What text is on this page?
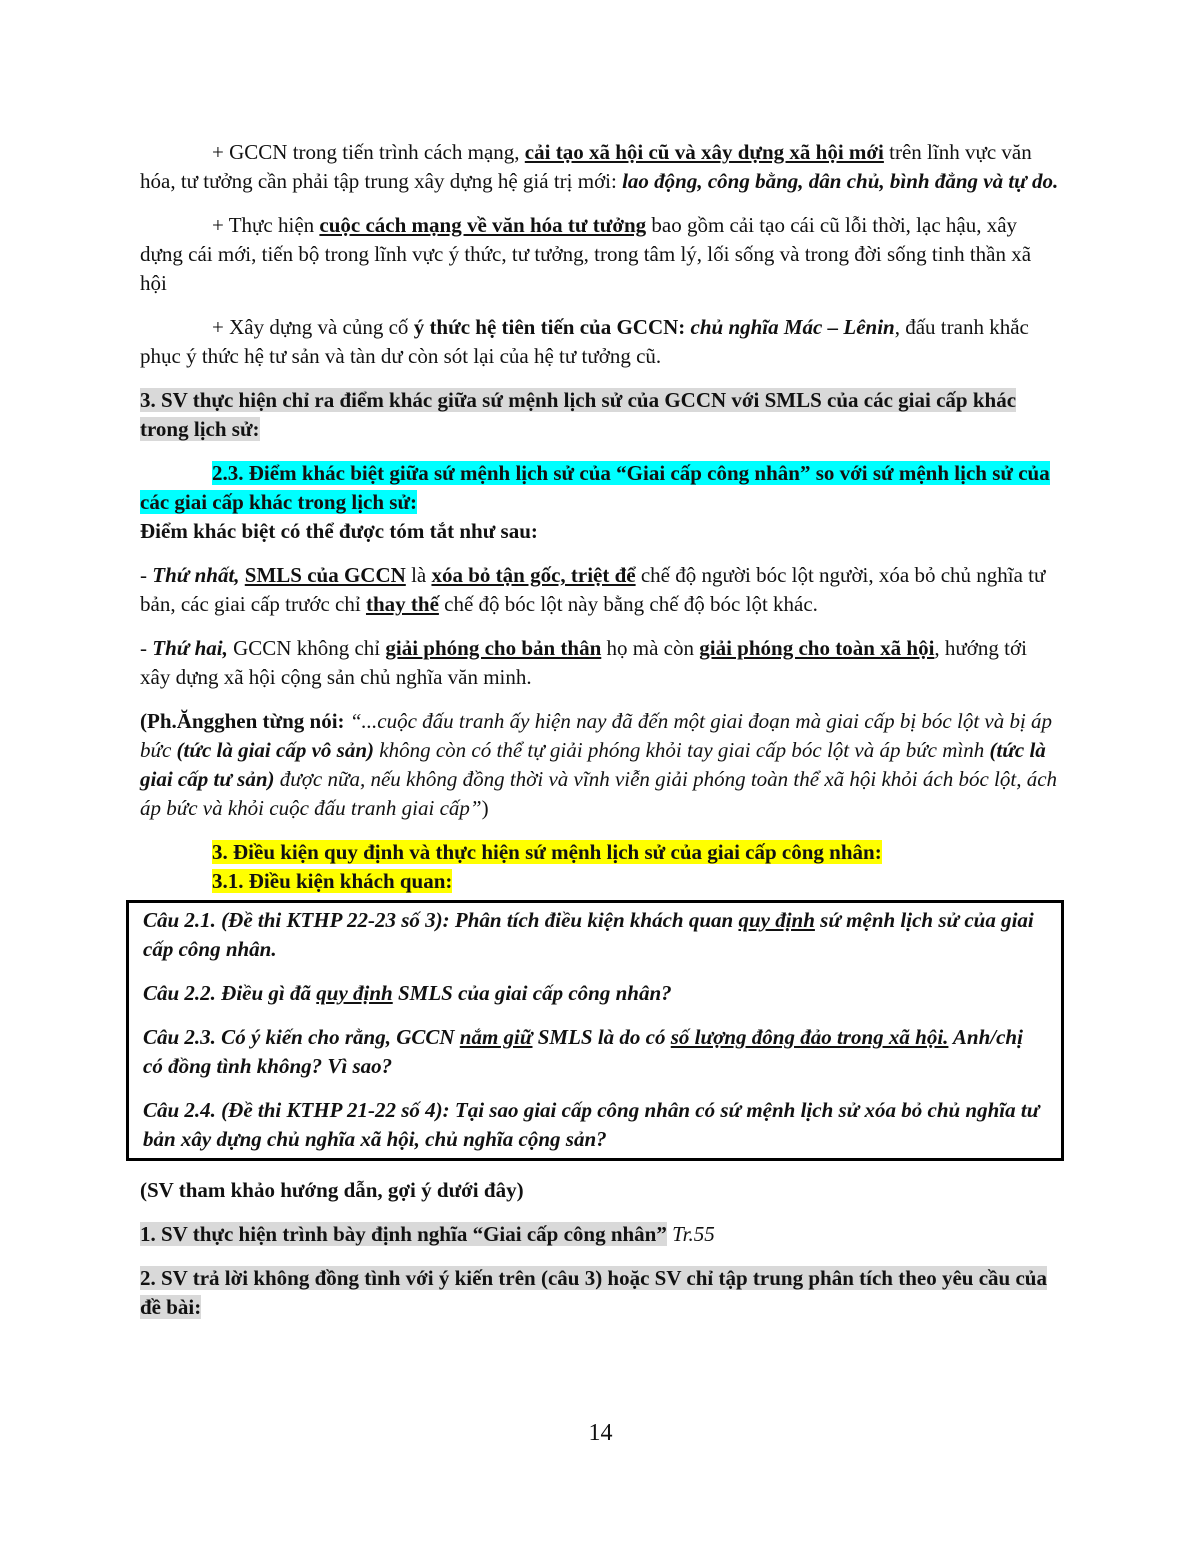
+ GCCN trong tiến trình cách mạng, cải tạo xã hội cũ và xây dựng xã hội mới trên lĩnh vực văn hóa, tư tưởng cần phải tập trung xây dựng hệ giá trị mới: lao động, công bằng, dân chủ, bình đẳng và tự do.

+ Thực hiện cuộc cách mạng về văn hóa tư tưởng bao gồm cải tạo cái cũ lỗi thời, lạc hậu, xây dựng cái mới, tiến bộ trong lĩnh vực ý thức, tư tưởng, trong tâm lý, lối sống và trong đời sống tinh thần xã hội

+ Xây dựng và củng cố ý thức hệ tiên tiến của GCCN: chủ nghĩa Mác – Lênin, đấu tranh khắc phục ý thức hệ tư sản và tàn dư còn sót lại của hệ tư tưởng cũ.

3. SV thực hiện chỉ ra điểm khác giữa sứ mệnh lịch sử của GCCN với SMLS của các giai cấp khác trong lịch sử:

2.3. Điểm khác biệt giữa sứ mệnh lịch sử của “Giai cấp công nhân” so với sứ mệnh lịch sử của các giai cấp khác trong lịch sử:

Điểm khác biệt có thể được tóm tắt như sau:

- Thứ nhất, SMLS của GCCN là xóa bỏ tận gốc, triệt để chế độ người bóc lột người, xóa bỏ chủ nghĩa tư bản, các giai cấp trước chỉ thay thế chế độ bóc lột này bằng chế độ bóc lột khác.

- Thứ hai, GCCN không chỉ giải phóng cho bản thân họ mà còn giải phóng cho toàn xã hội, hướng tới xây dựng xã hội cộng sản chủ nghĩa văn minh.

(Ph.Ăngghen từng nói: “...cuộc đấu tranh ấy hiện nay đã đến một giai đoạn mà giai cấp bị bóc lột và bị áp bức (tức là giai cấp vô sản) không còn có thể tự giải phóng khỏi tay giai cấp bóc lột và áp bức mình (tức là giai cấp tư sản) được nữa, nếu không đồng thời và vĩnh viễn giải phóng toàn thể xã hội khỏi ách bóc lột, ách áp bức và khỏi cuộc đấu tranh giai cấp”)

3. Điều kiện quy định và thực hiện sứ mệnh lịch sử của giai cấp công nhân:

3.1. Điều kiện khách quan:

Câu 2.1. (Đề thi KTHP 22-23 số 3): Phân tích điều kiện khách quan quy định sứ mệnh lịch sử của giai cấp công nhân.

Câu 2.2. Điều gì đã quy định SMLS của giai cấp công nhân?

Câu 2.3. Có ý kiến cho rằng, GCCN nắm giữ SMLS là do có số lượng đông đảo trong xã hội. Anh/chị có đồng tình không? Vì sao?

Câu 2.4. (Đề thi KTHP 21-22 số 4): Tại sao giai cấp công nhân có sứ mệnh lịch sử xóa bỏ chủ nghĩa tư bản xây dựng chủ nghĩa xã hội, chủ nghĩa cộng sản?

(SV tham khảo hướng dẫn, gợi ý dưới đây)

1. SV thực hiện trình bày định nghĩa “Giai cấp công nhân” Tr.55

2. SV trả lời không đồng tình với ý kiến trên (câu 3) hoặc SV chỉ tập trung phân tích theo yêu cầu của đề bài:

14
